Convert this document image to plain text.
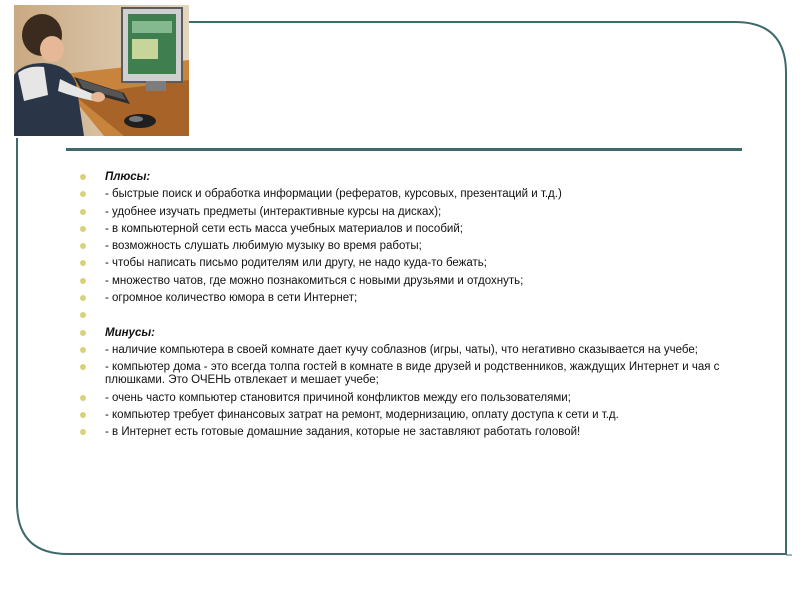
Плюсы:
- быстрые поиск и обработка информации (рефератов, курсовых, презентаций и т.д.)
- удобнее изучать предметы (интерактивные курсы на дисках);
- в компьютерной сети есть масса учебных материалов и пособий;
- возможность слушать любимую музыку во время работы;
- чтобы написать письмо родителям или другу, не надо куда-то бежать;
- множество чатов, где можно познакомиться с новыми друзьями и отдохнуть;
- огромное количество юмора в сети Интернет;
Минусы:
- наличие компьютера в своей комнате дает кучу соблазнов (игры, чаты), что негативно сказывается на учебе;
- компьютер дома - это всегда толпа гостей в комнате в виде друзей и родственников, жаждущих Интернет и чая с плюшками. Это ОЧЕНЬ отвлекает и мешает учебе;
- очень часто компьютер становится причиной конфликтов между его пользователями;
- компьютер требует финансовых затрат на ремонт, модернизацию, оплату доступа к сети и т.д.
- в Интернет есть готовые домашние задания, которые не заставляют работать головой!
